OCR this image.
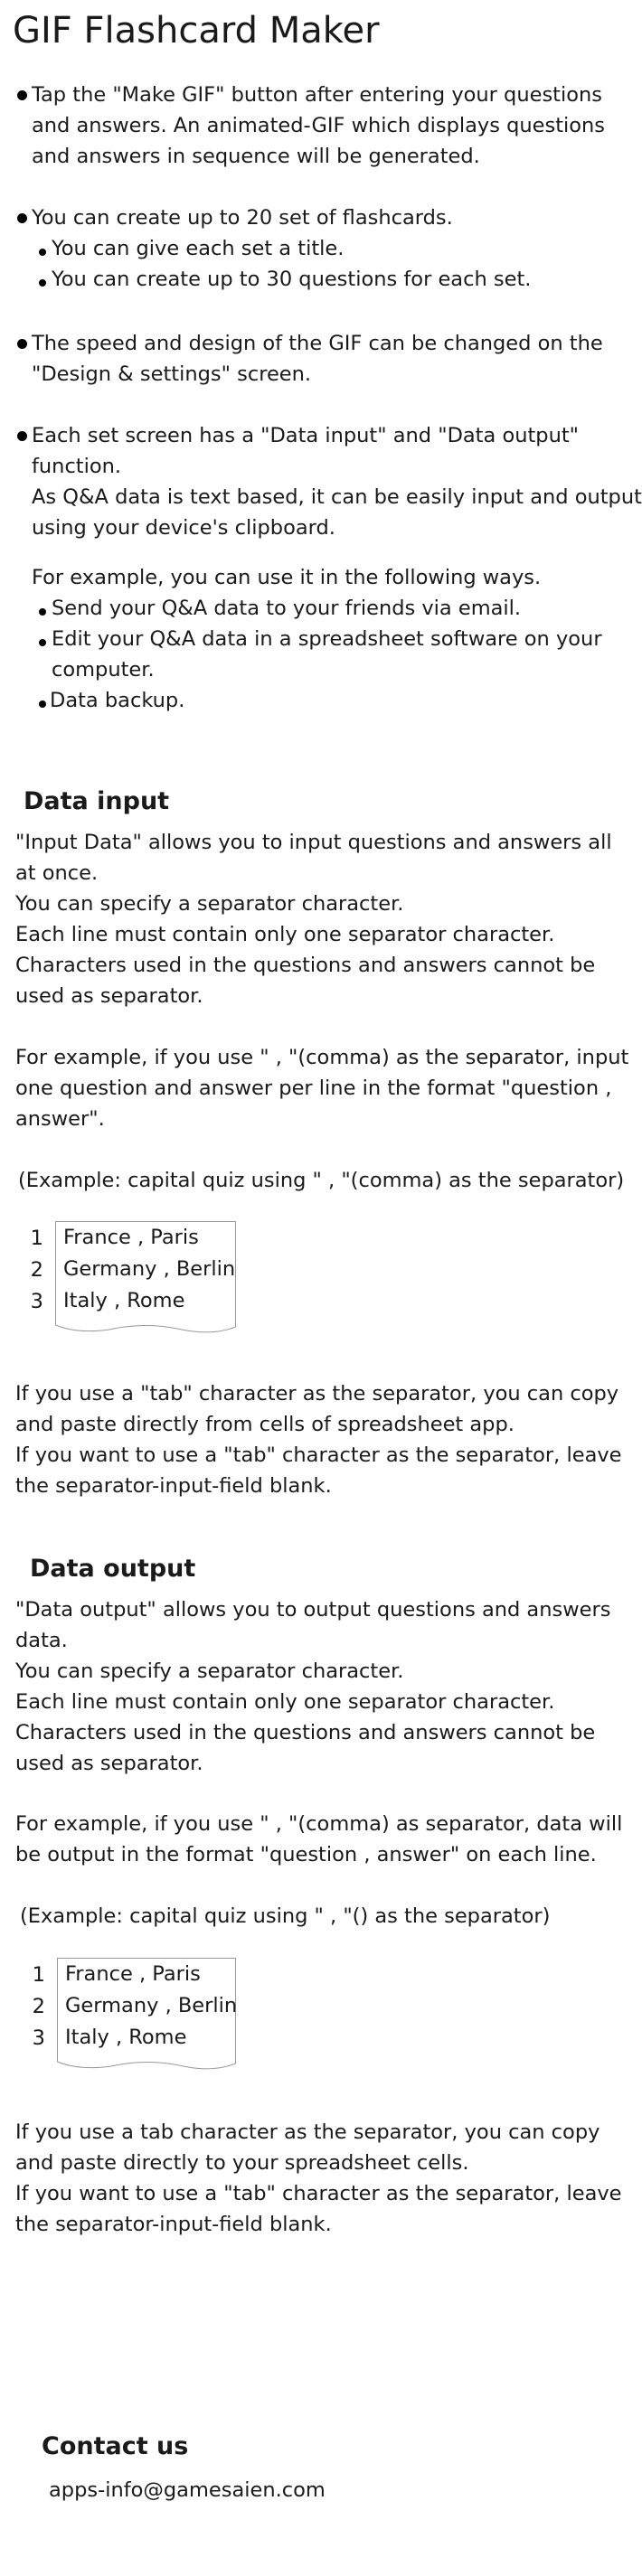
GIF Flashcard Maker

Tap the "Make GIF" button after entering your questions

and answers. An animated-GIF which displays questions

and answers in sequence will be generated.

You can create up to 20 set of flashcards.

You can give each set a title.

You can create up to 30 questions for each set.

The speed and design of the GIF can be changed on the

"Design & settings" screen.

Each set screen has a "Data input" and "Data output"

function.

As Q&A data is text based, it can be easily input and output

using your device's clipboard.

For example, you can use it in the following ways.

Send your Q&A data to your friends via email.

Edit your Q&A data in a spreadsheet software on your

computer.

Data backup.

Data input

"Input Data" allows you to input questions and answers all

at once.

You can specify a separator character.

Each line must contain only one separator character.

Characters used in the questions and answers cannot be

used as separator.

For example, if you use " , "(comma) as the separator, input

one question and answer per line in the format "question ,

answer".

(Example: capital quiz using " , "(comma) as the separator)

1
2
3
France , Paris
Germany , Berlin
Italy , Rome

If you use a "tab" character as the separator, you can copy

and paste directly from cells of spreadsheet app.

If you want to use a "tab" character as the separator, leave

the separator-input-field blank.

Data output

"Data output" allows you to output questions and answers

data.

You can specify a separator character.

Each line must contain only one separator character.

Characters used in the questions and answers cannot be

used as separator.

For example, if you use " , "(comma) as separator, data will

be output in the format "question , answer" on each line.

(Example: capital quiz using " , "() as the separator)

1
2
3
France , Paris
Germany , Berlin
Italy , Rome

If you use a tab character as the separator, you can copy

and paste directly to your spreadsheet cells.

If you want to use a "tab" character as the separator, leave

the separator-input-field blank.

Contact us
apps-info@gamesaien.com
